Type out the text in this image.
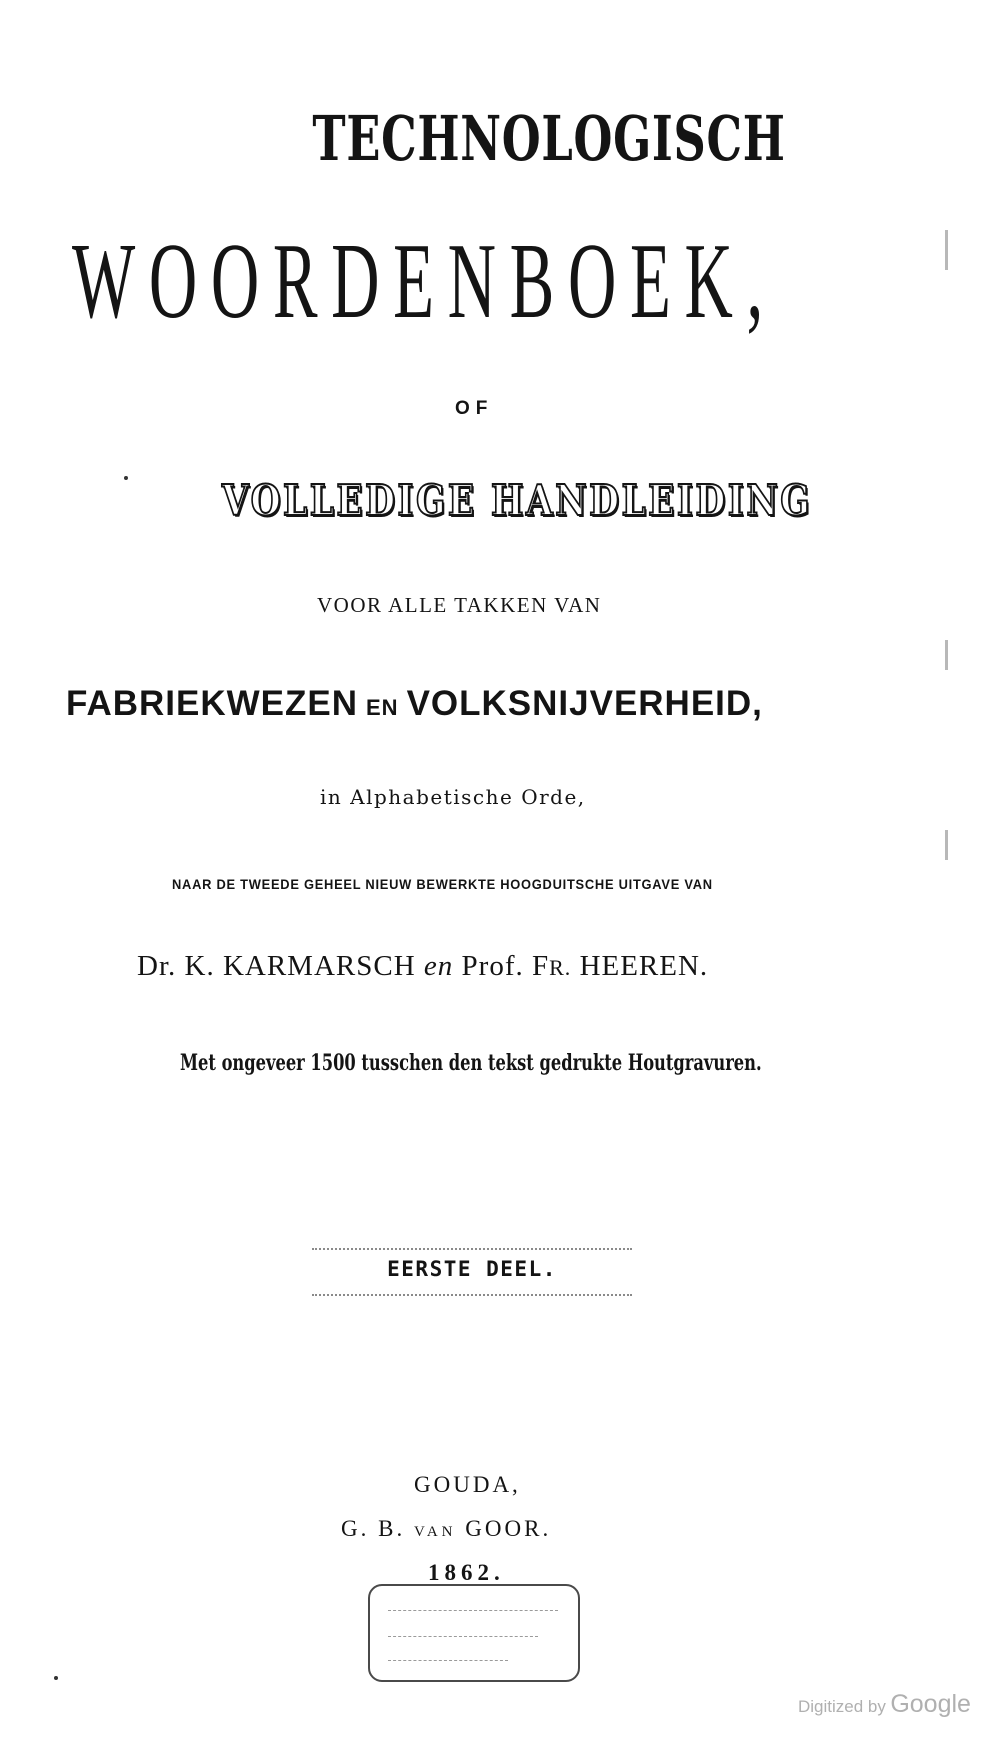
TECHNOLOGISCH
WOORDENBOEK,
OF
VOLLEDIGE HANDLEIDING
VOOR ALLE TAKKEN VAN
FABRIEKWEZEN EN VOLKSNIJVERHEID,
in Alphabetische Orde,
NAAR DE TWEEDE GEHEEL NIEUW BEWERKTE HOOGDUITSCHE UITGAVE VAN
Dr. K. KARMARSCH en Prof. FR. HEEREN.
Met ongeveer 1500 tusschen den tekst gedrukte Houtgravuren.
EERSTE DEEL.
GOUDA,
G. B. VAN GOOR.
1862.
Digitized by Google
